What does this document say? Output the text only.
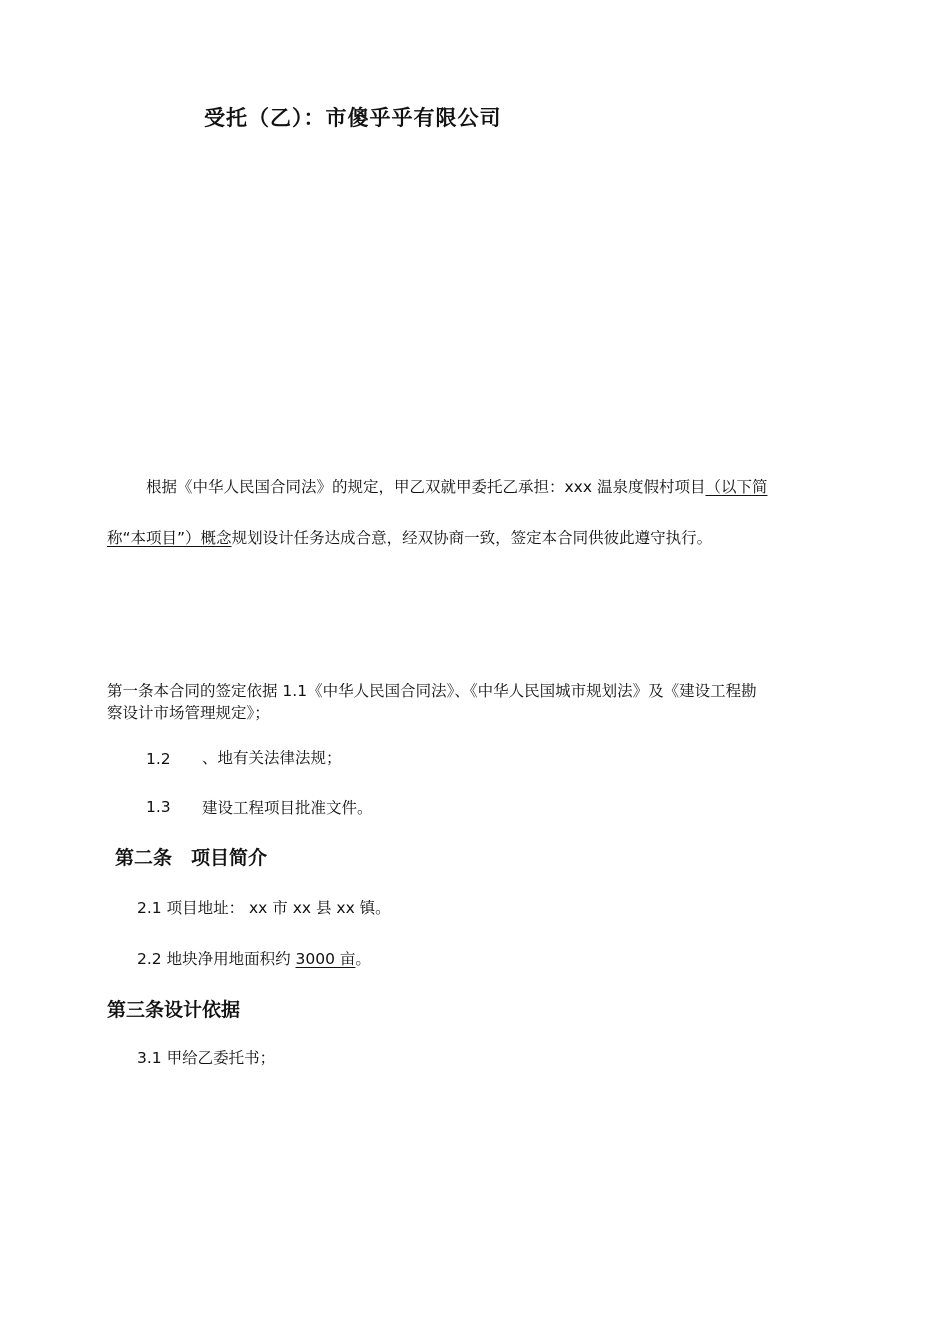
受托（乙）：市傻乎乎有限公司
根据《中华人民国合同法》的规定，甲乙双就甲委托乙承担：xxx 温泉度假村项目（以下简
称“本项目”）概念规划设计任务达成合意，经双协商一致，签定本合同供彼此遵守执行。
第一条本合同的签定依据 1.1《中华人民国合同法》、《中华人民国城市规划法》及《建设工程勘
察设计市场管理规定》；
1.2 、地有关法律法规；
1.3 建设工程项目批准文件。
第二条　项目简介
2.1 项目地址： xx 市 xx 县 xx 镇。
2.2 地块净用地面积约 3000 亩。
第三条设计依据
3.1 甲给乙委托书；
